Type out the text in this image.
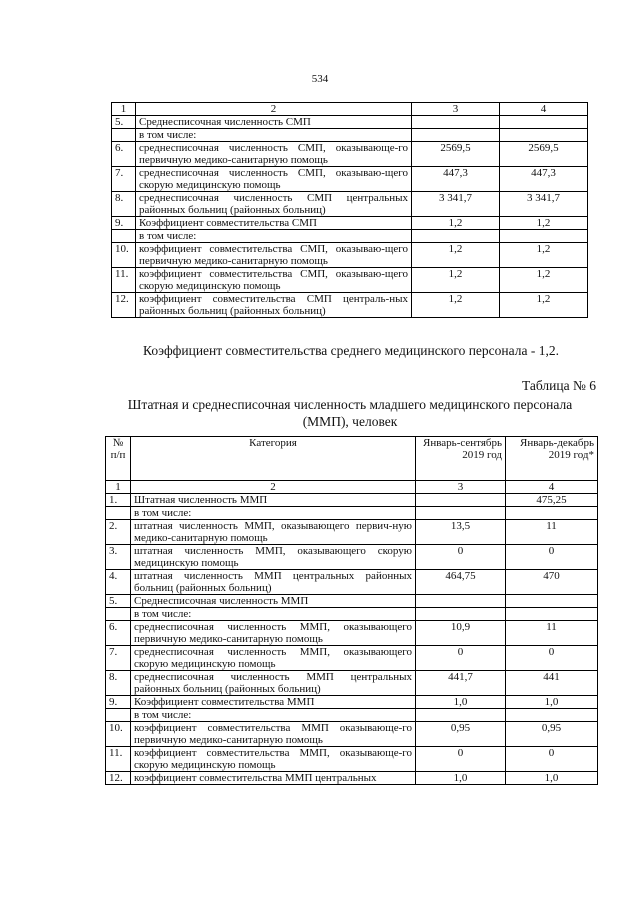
534
1	2	3	4
5.	Среднесписочная численность СМП		
	в том числе:		
6.	среднесписочная численность СМП, оказывающе-го первичную медико-санитарную помощь	2569,5	2569,5
7.	среднесписочная численность СМП, оказываю-щего скорую медицинскую помощь	447,3	447,3
8.	среднесписочная численность СМП центральных районных больниц (районных больниц)	3 341,7	3 341,7
9.	Коэффициент совместительства СМП	1,2	1,2
	в том числе:		
10.	коэффициент совместительства СМП, оказываю-щего первичную медико-санитарную помощь	1,2	1,2
11.	коэффициент совместительства СМП, оказываю-щего скорую медицинскую помощь	1,2	1,2
12.	коэффициент совместительства СМП централь-ных районных больниц (районных больниц)	1,2	1,2
Коэффициент совместительства среднего медицинского персонала - 1,2.
Таблица № 6
Штатная и среднесписочная численность младшего медицинского персонала (ММП), человек
№ п/п	Категория	Январь-сентябрь 2019 год	Январь-декабрь 2019 год*
1	2	3	4
1.	Штатная численность ММП		475,25
	в том числе:		
2.	штатная численность ММП, оказывающего первич-ную медико-санитарную помощь	13,5	11
3.	штатная численность ММП, оказывающего скорую медицинскую помощь	0	0
4.	штатная численность ММП центральных районных больниц (районных больниц)	464,75	470
5.	Среднесписочная численность ММП		
	в том числе:		
6.	среднесписочная численность ММП, оказывающего первичную медико-санитарную помощь	10,9	11
7.	среднесписочная численность ММП, оказывающего скорую медицинскую помощь	0	0
8.	среднесписочная численность ММП центральных районных больниц (районных больниц)	441,7	441
9.	Коэффициент совместительства ММП	1,0	1,0
	в том числе:		
10.	коэффициент совместительства ММП оказывающе-го первичную медико-санитарную помощь	0,95	0,95
11.	коэффициент совместительства ММП, оказывающе-го скорую медицинскую помощь	0	0
12.	коэффициент совместительства ММП центральных	1,0	1,0
